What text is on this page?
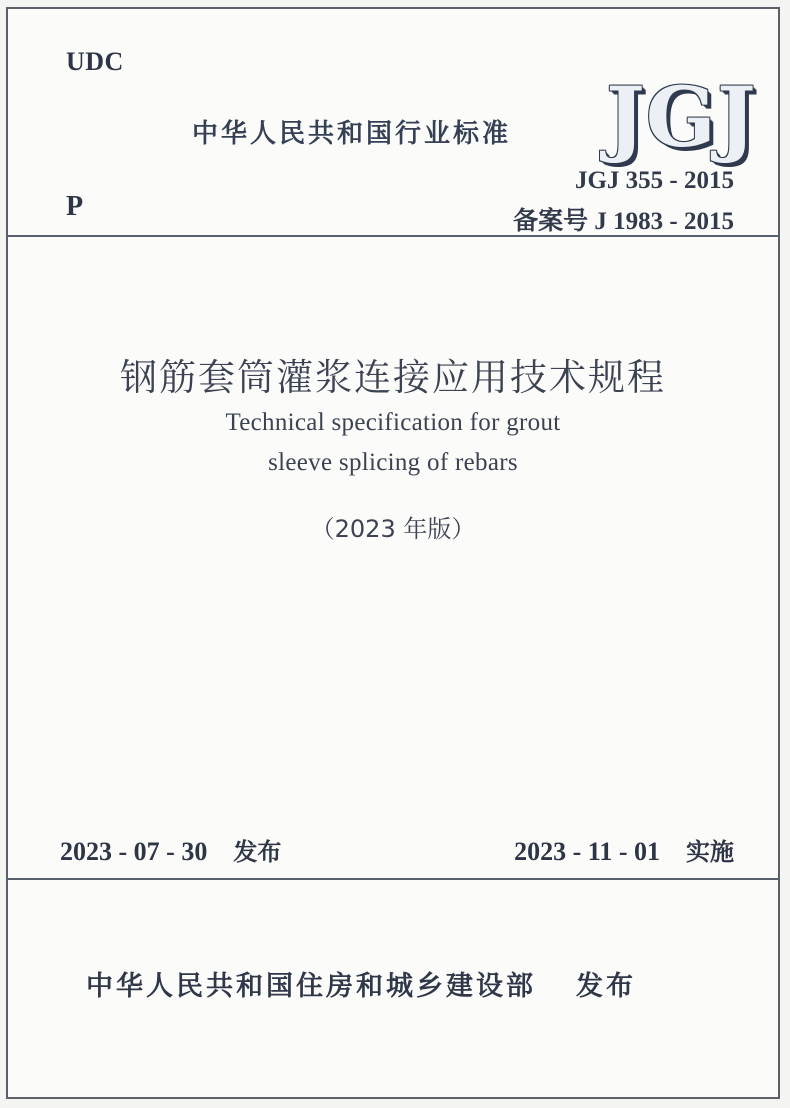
UDC
中华人民共和国行业标准 JGJ
P
JGJ 355 - 2015
备案号 J 1983 - 2015
钢筋套筒灌浆连接应用技术规程
Technical specification for grout
sleeve splicing of rebars
（2023 年版）
2023 - 07 - 30 发布	2023 - 11 - 01 实施
中华人民共和国住房和城乡建设部 发布
